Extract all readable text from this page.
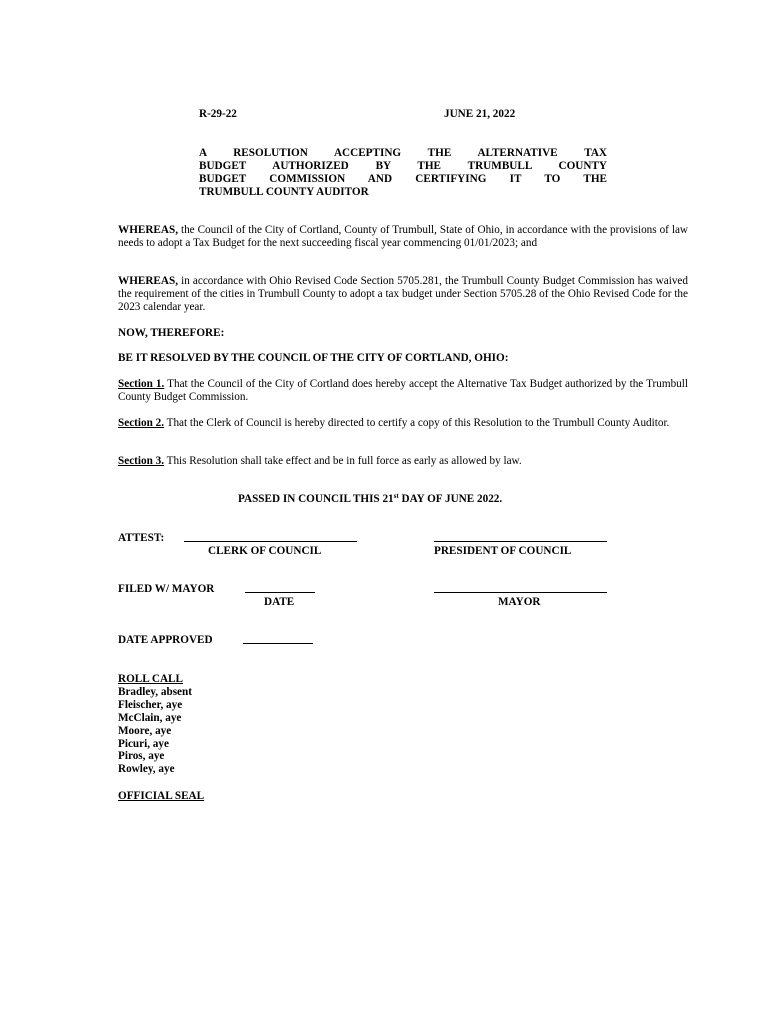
R-29-22	JUNE 21, 2022
A RESOLUTION ACCEPTING THE ALTERNATIVE TAX
BUDGET AUTHORIZED BY THE TRUMBULL COUNTY
BUDGET COMMISSION AND CERTIFYING IT TO THE
TRUMBULL COUNTY AUDITOR
WHEREAS, the Council of the City of Cortland, County of Trumbull, State of Ohio, in accordance with the provisions of law needs to adopt a Tax Budget for the next succeeding fiscal year commencing 01/01/2023; and
WHEREAS, in accordance with Ohio Revised Code Section 5705.281, the Trumbull County Budget Commission has waived the requirement of the cities in Trumbull County to adopt a tax budget under Section 5705.28 of the Ohio Revised Code for the 2023 calendar year.
NOW, THEREFORE:
BE IT RESOLVED BY THE COUNCIL OF THE CITY OF CORTLAND, OHIO:
Section 1. That the Council of the City of Cortland does hereby accept the Alternative Tax Budget authorized by the Trumbull County Budget Commission.
Section 2. That the Clerk of Council is hereby directed to certify a copy of this Resolution to the Trumbull County Auditor.
Section 3. This Resolution shall take effect and be in full force as early as allowed by law.
PASSED IN COUNCIL THIS 21st DAY OF JUNE 2022.
ATTEST:
CLERK OF COUNCIL	PRESIDENT OF COUNCIL
FILED W/ MAYOR
DATE	MAYOR
DATE APPROVED
ROLL CALL
Bradley, absent
Fleischer, aye
McClain, aye
Moore, aye
Picuri, aye
Piros, aye
Rowley, aye
OFFICIAL SEAL
